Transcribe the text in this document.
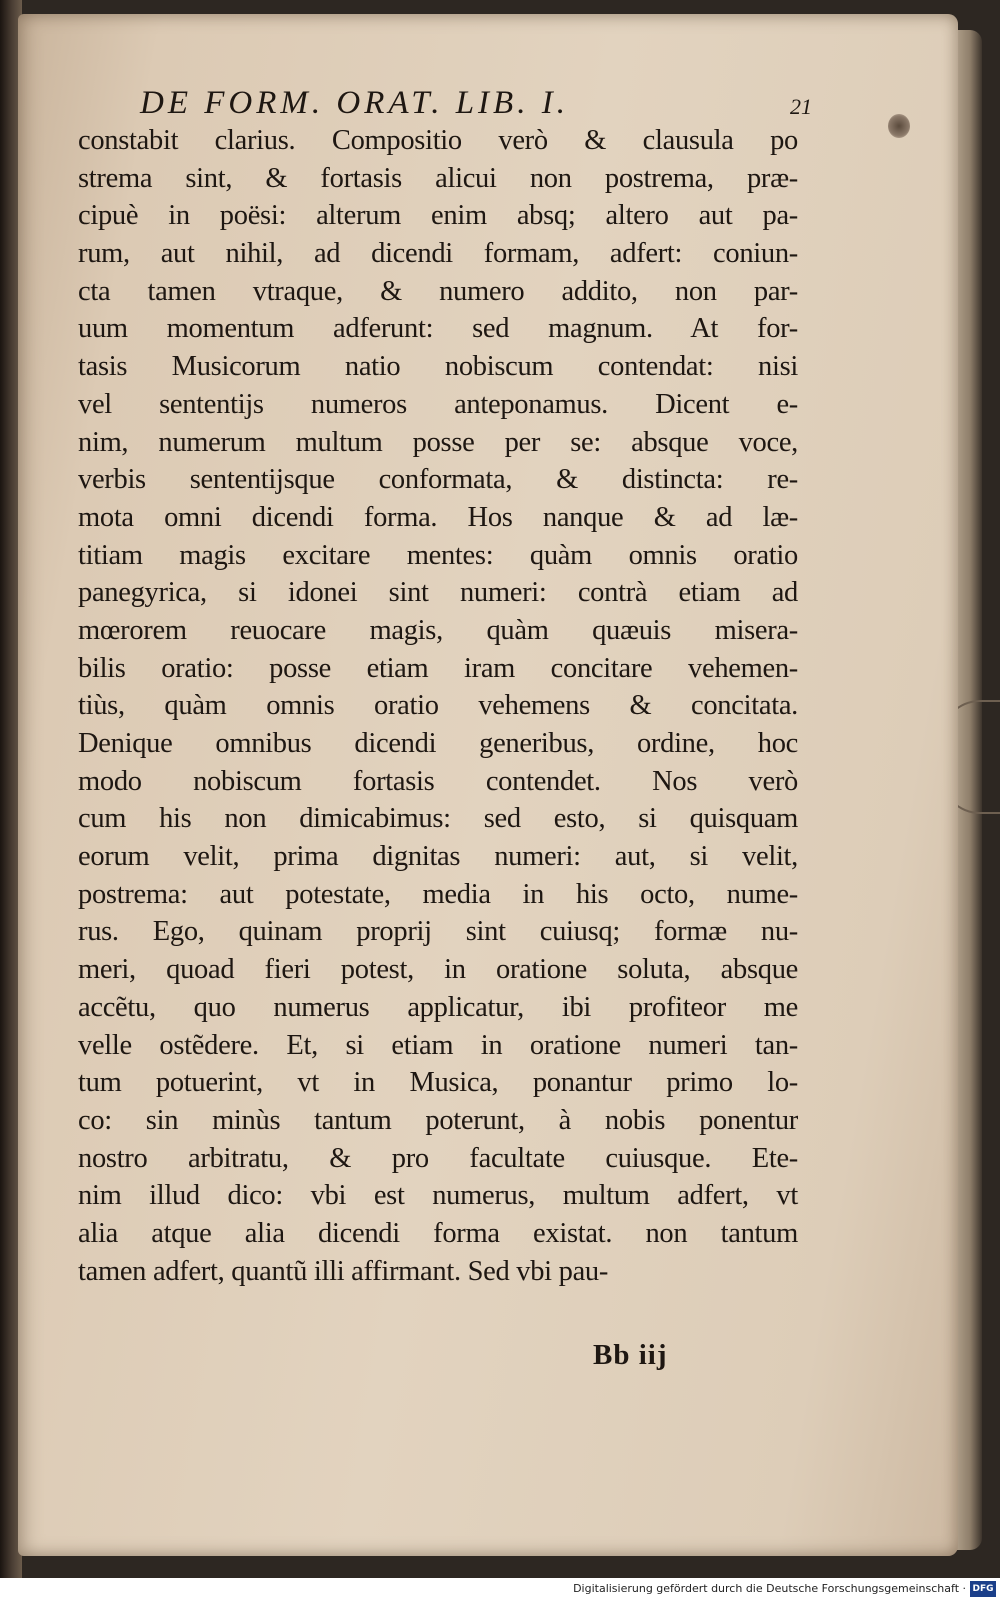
DE FORM. ORAT. LIB. I.	21
constabit clarius. Compositio verò & clausula po
strema sint, & fortasis alicui non postrema, præ-
cipuè in poësi: alterum enim absq; altero aut pa-
rum, aut nihil, ad dicendi formam, adfert: coniun-
cta tamen vtraque, & numero addito, non par-
uum momentum adferunt: sed magnum. At for-
tasis Musicorum natio nobiscum contendat: nisi
vel sententijs numeros anteponamus. Dicent e-
nim, numerum multum posse per se: absque voce,
verbis sententijsque conformata, & distincta: re-
mota omni dicendi forma. Hos nanque & ad læ-
titiam magis excitare mentes: quàm omnis oratio
panegyrica, si idonei sint numeri: contrà etiam ad
mœrorem reuocare magis, quàm quæuis misera-
bilis oratio: posse etiam iram concitare vehemen-
tiùs, quàm omnis oratio vehemens & concitata.
Denique omnibus dicendi generibus, ordine, hoc
modo nobiscum fortasis contendet. Nos verò
cum his non dimicabimus: sed esto, si quisquam
eorum velit, prima dignitas numeri: aut, si velit,
postrema: aut potestate, media in his octo, nume-
rus. Ego, quinam proprij sint cuiusq; formæ nu-
meri, quoad fieri potest, in oratione soluta, absque
accẽtu, quo numerus applicatur, ibi profiteor me
velle ostẽdere. Et, si etiam in oratione numeri tan-
tum potuerint, vt in Musica, ponantur primo lo-
co: sin minùs tantum poterunt, à nobis ponentur
nostro arbitratu, & pro facultate cuiusque. Ete-
nim illud dico: vbi est numerus, multum adfert, vt
alia atque alia dicendi forma existat. non tantum
tamen adfert, quantũ illi affirmant. Sed vbi pau-
Bb iij
Digitalisierung gefördert durch die Deutsche Forschungsgemeinschaft · DFG
